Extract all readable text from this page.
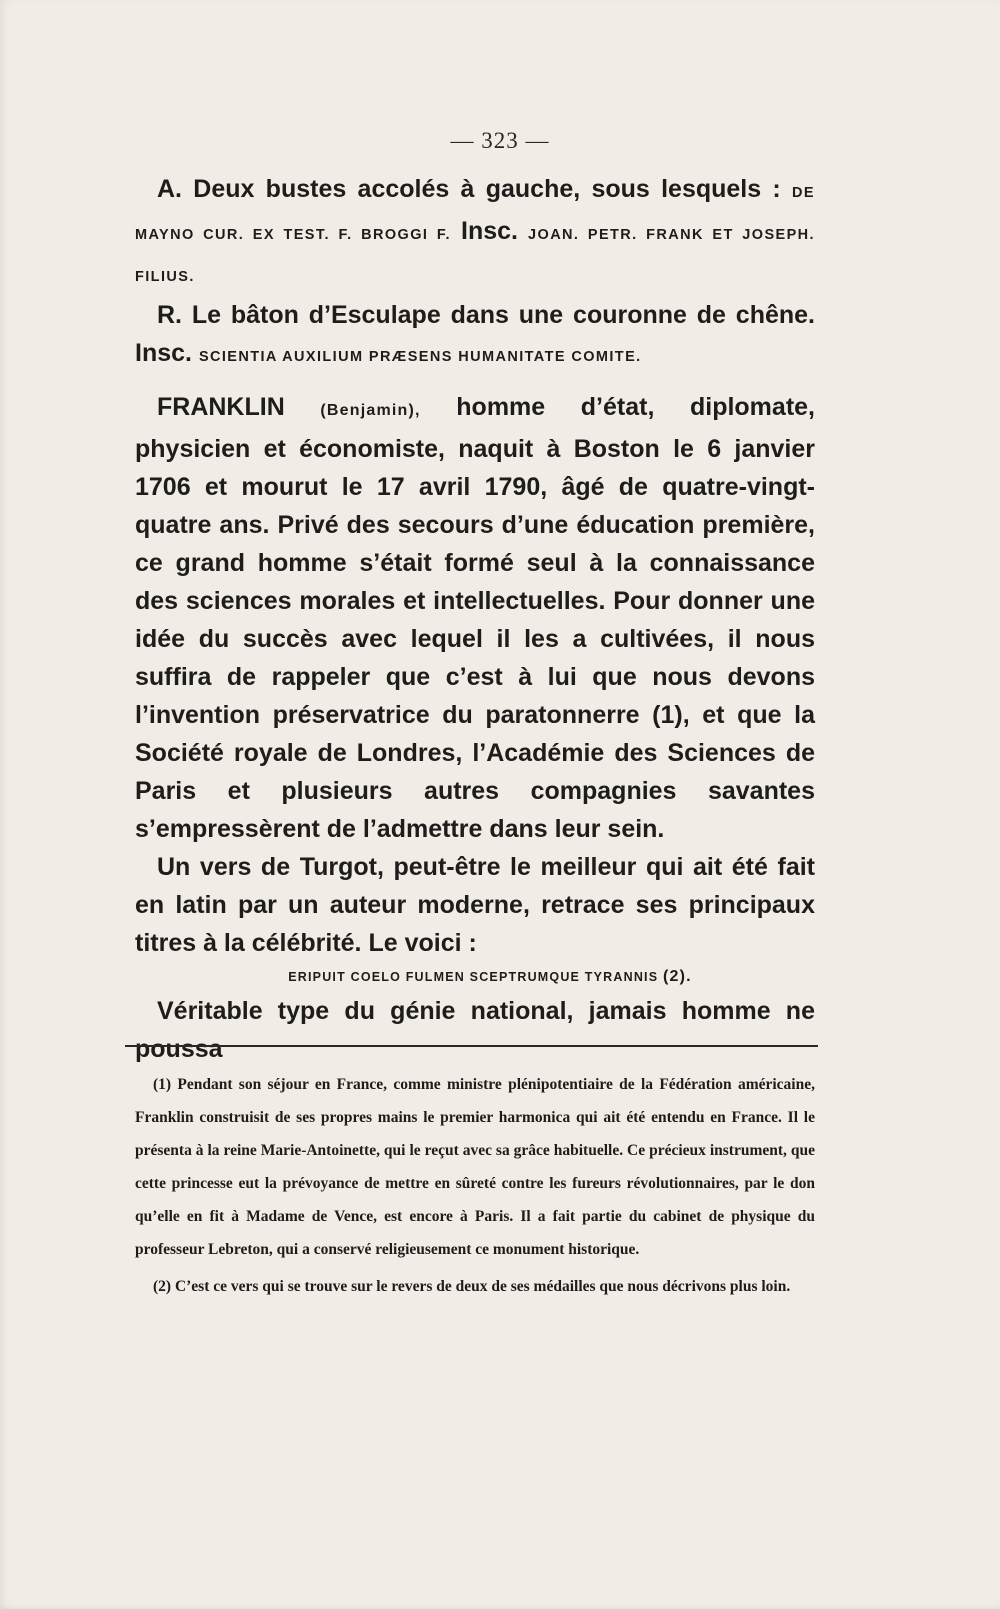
— 323 —

A. Deux bustes accolés à gauche, sous lesquels : DE MAYNO CUR. EX TEST. F. BROGGI F. Insc. JOAN. PETR. FRANK ET JOSEPH. FILIUS.

R. Le bâton d’Esculape dans une couronne de chêne. Insc. SCIENTIA AUXILIUM PRÆSENS HUMANITATE COMITE.

FRANKLIN (Benjamin), homme d’état, diplomate, physicien et économiste, naquit à Boston le 6 janvier 1706 et mourut le 17 avril 1790, âgé de quatre-vingt-quatre ans. Privé des secours d’une éducation première, ce grand homme s’était formé seul à la connaissance des sciences morales et intellectuelles. Pour donner une idée du succès avec lequel il les a cultivées, il nous suffira de rappeler que c’est à lui que nous devons l’invention préservatrice du paratonnerre (1), et que la Société royale de Londres, l’Académie des Sciences de Paris et plusieurs autres compagnies savantes s’empressèrent de l’admettre dans leur sein.

Un vers de Turgot, peut-être le meilleur qui ait été fait en latin par un auteur moderne, retrace ses principaux titres à la célébrité. Le voici :

ERIPUIT COELO FULMEN SCEPTRUMQUE TYRANNIS (2).

Véritable type du génie national, jamais homme ne poussa

(1) Pendant son séjour en France, comme ministre plénipotentiaire de la Fédération américaine, Franklin construisit de ses propres mains le premier harmonica qui ait été entendu en France. Il le présenta à la reine Marie-Antoinette, qui le reçut avec sa grâce habituelle. Ce précieux instrument, que cette princesse eut la prévoyance de mettre en sûreté contre les fureurs révolutionnaires, par le don qu’elle en fit à Madame de Vence, est encore à Paris. Il a fait partie du cabinet de physique du professeur Lebreton, qui a conservé religieusement ce monument historique.

(2) C’est ce vers qui se trouve sur le revers de deux de ses médailles que nous décrivons plus loin.
